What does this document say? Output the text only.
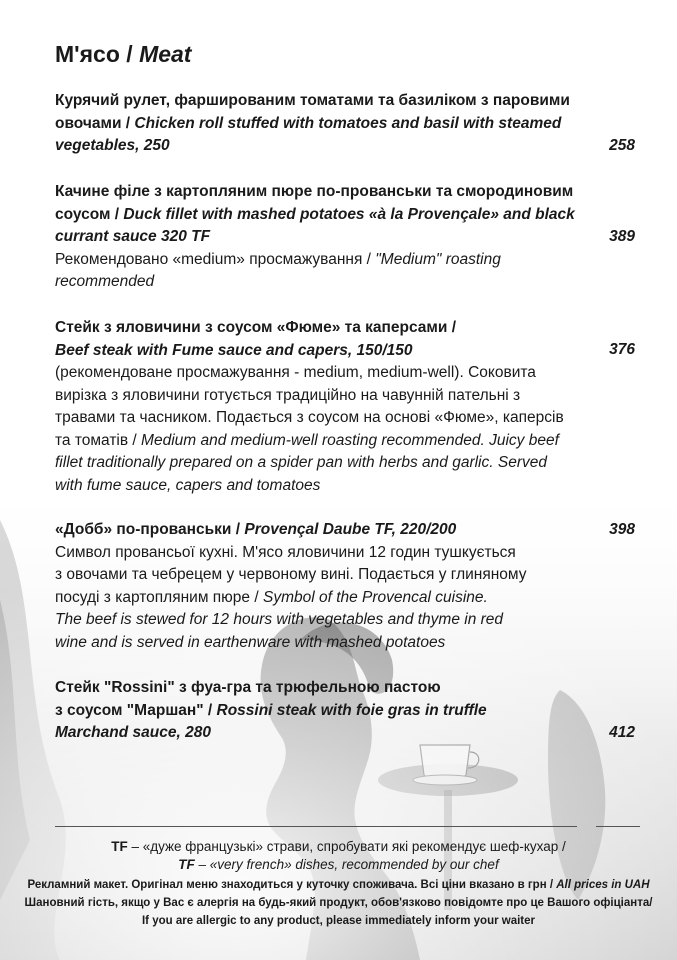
М'ясо / Meat
Курячий рулет, фаршированим томатами та базиліком з паровими
овочами / Chicken roll stuffed with tomatoes and basil with steamed
vegetables, 250	258
Качине філе з картопляним пюре по-прованськи та смородиновим
соусом / Duck fillet with mashed potatoes «à la Provençale» and black
currant sauce 320 TF
Рекомендовано «medium» просмажування / "Medium" roasting
recommended
389
Стейк з яловичини з соусом «Фюме» та каперсами /
Beef steak with Fume sauce and capers, 150/150
(рекомендоване просмажування - medium, medium-well). Соковита
вирізка з яловичини готується традиційно на чавунній пательні з
травами та часником. Подається з соусом на основі «Фюме», каперсів
та томатів / Medium and medium-well roasting recommended. Juicy beef
fillet traditionally prepared on a spider pan with herbs and garlic. Served
with fume sauce, capers and tomatoes
376
«Добб» по-прованськи / Provençal Daube TF, 220/200
Символ провансьої кухні. М'ясо яловичини 12 годин тушкується
з овочами та чебрецем у червоному вині. Подається у глиняному
посуді з картопляним пюре / Symbol of the Provencal cuisine.
The beef is stewed for 12 hours with vegetables and thyme in red
wine and is served in earthenware with mashed potatoes
398
Стейк "Rossini" з фуа-гра та трюфельною пастою
з соусом "Маршан" / Rossini steak with foie gras in truffle
Marchand sauce, 280	412
TF – «дуже французькі» страви, спробувати які рекомендує шеф-кухар /
TF – «very french» dishes, recommended by our chef
Рекламний макет. Оригінал меню знаходиться у куточку споживача. Всі ціни вказано в грн / All prices in UAH
Шановний гість, якщо у Вас є алергія на будь-який продукт, обов'язково повідомте про це Вашого офіціанта/
If you are allergic to any product, please immediately inform your waiter
